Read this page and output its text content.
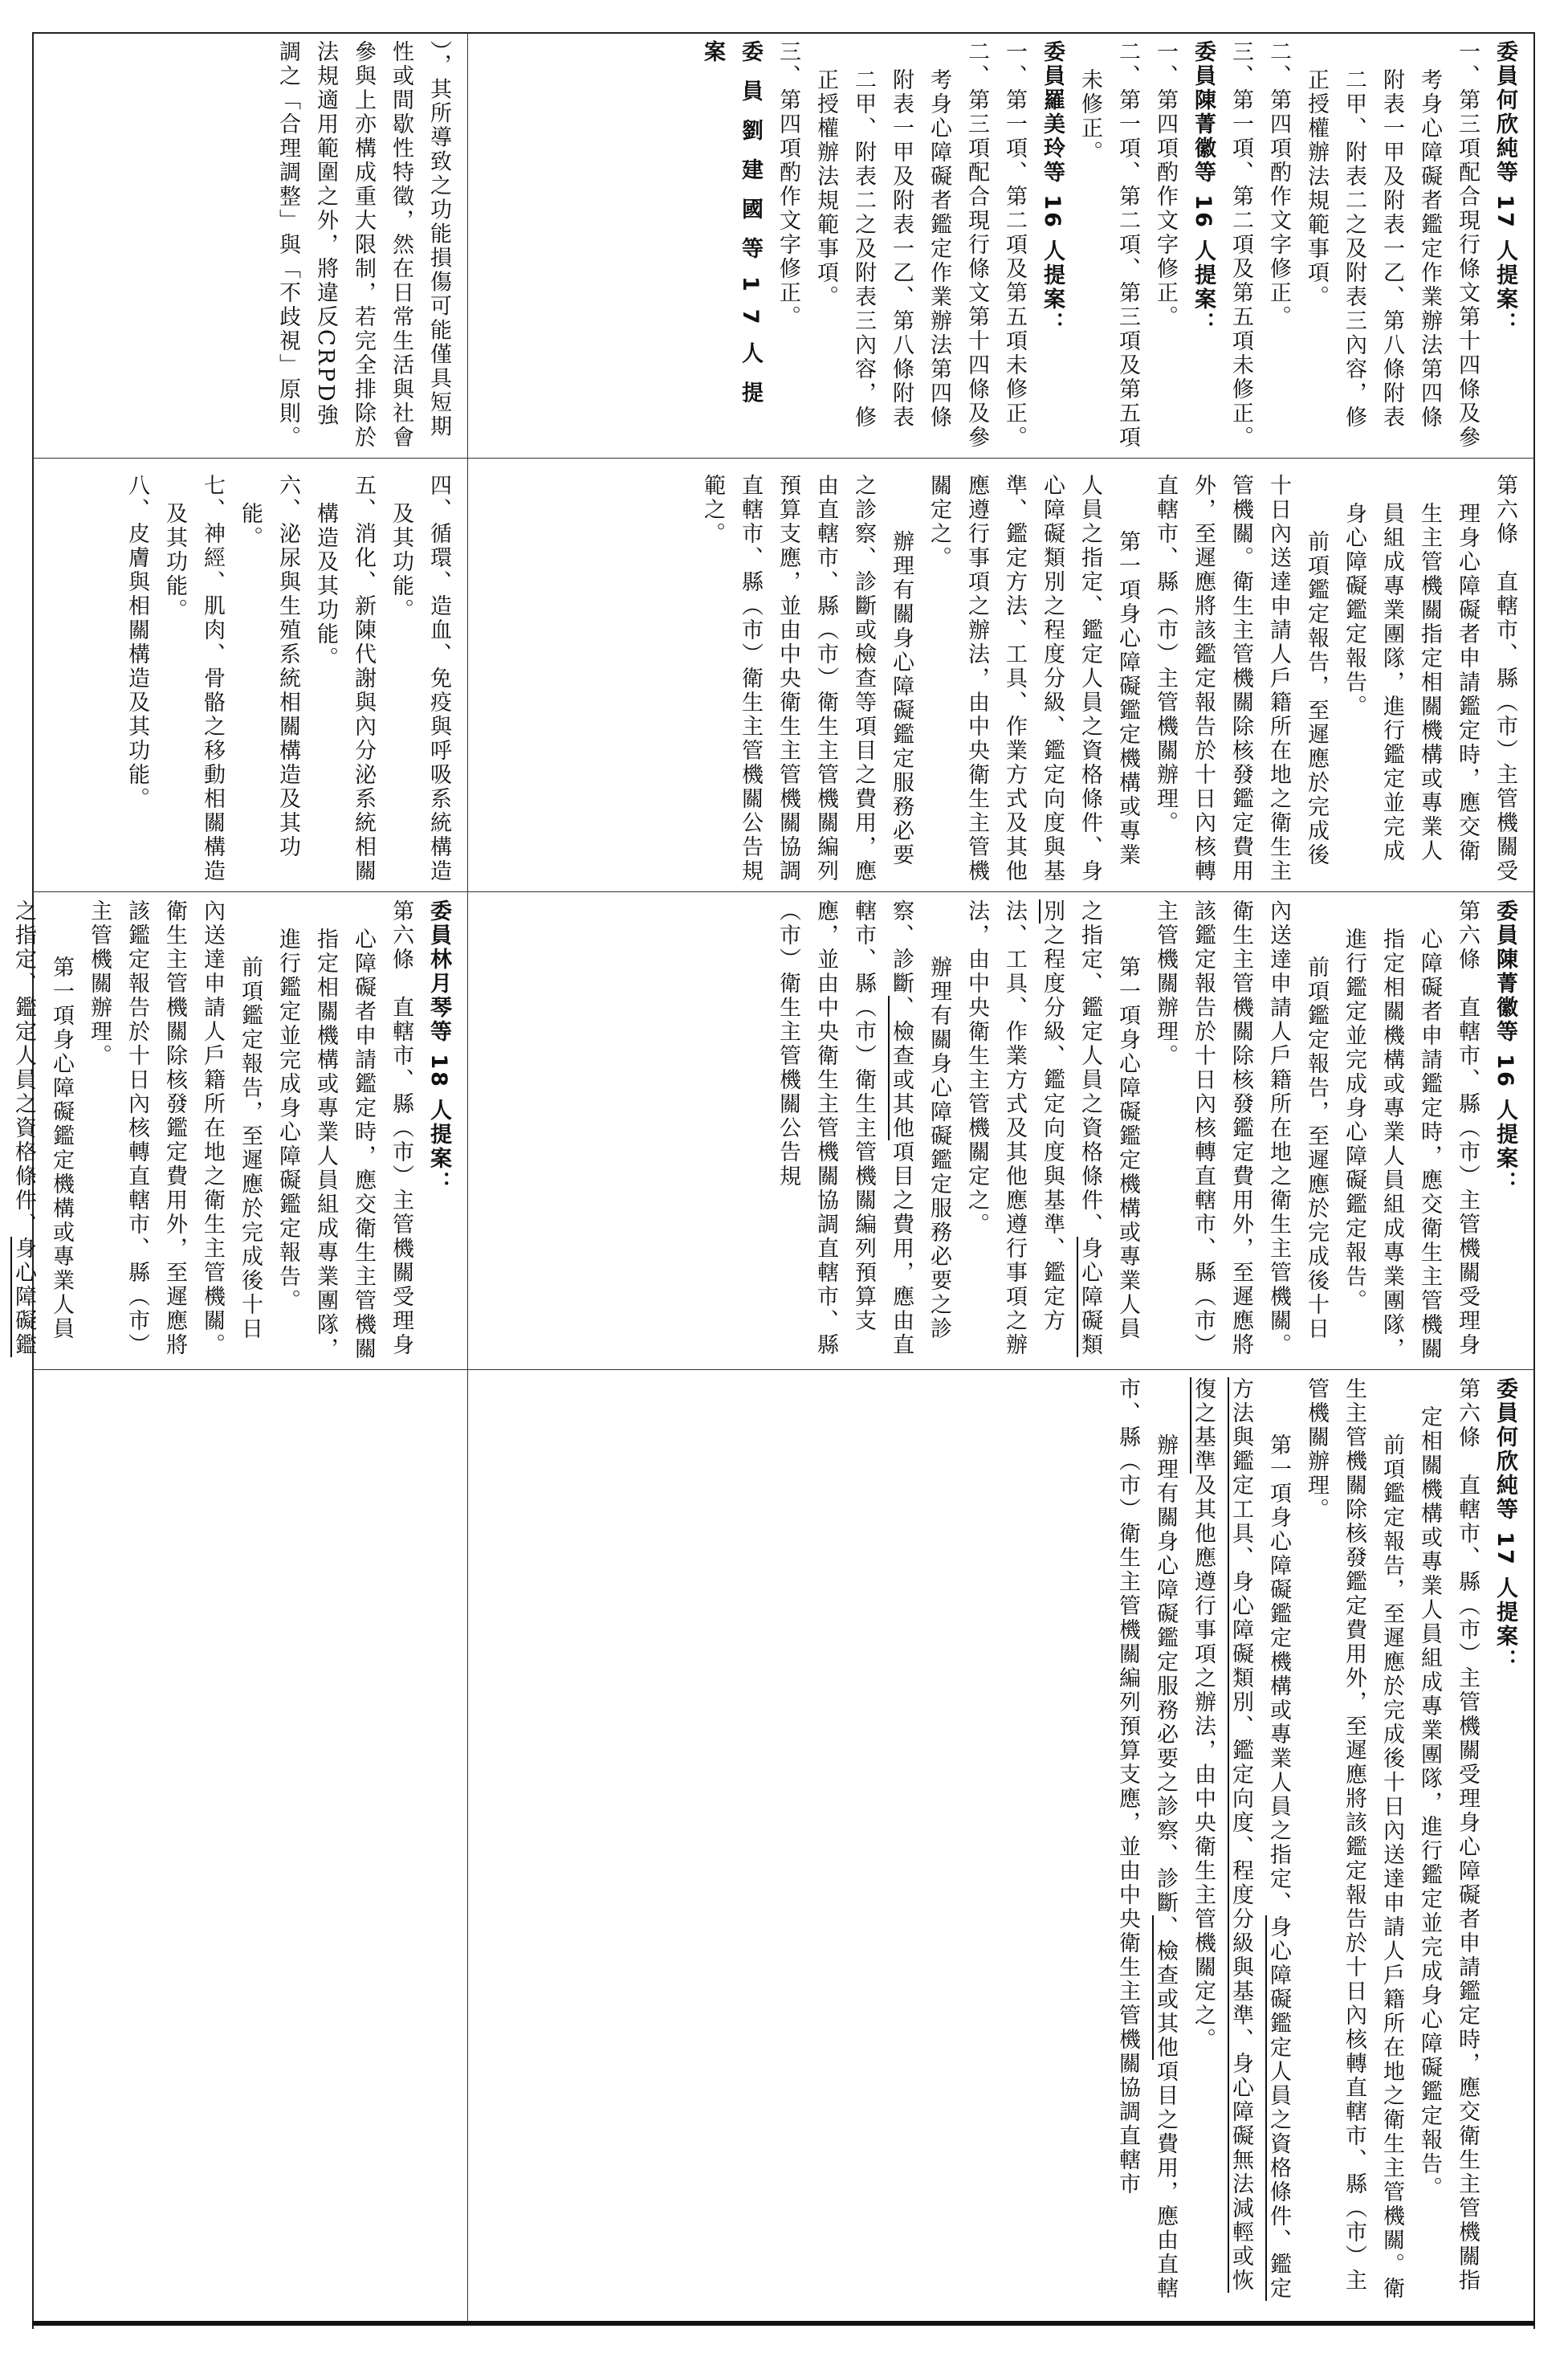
），其所導致之功能損傷可能僅具短期性或間歇性特徵，然在日常生活與社會參與上亦構成重大限制，若完全排除於法規適用範圍之外，將違反CRPD強調之「合理調整」與「不歧視」原則。	委員何欣純等 17 人提案：

一、第三項配合現行條文第十四條及參考身心障礙者鑑定作業辦法第四條附表一甲及附表一乙、第八條附表二甲、附表二之及附表三內容，修正授權辦法規範事項。

二、第四項酌作文字修正。

三、第一項、第二項及第五項未修正。

委員陳菁徽等 16 人提案：

一、第四項酌作文字修正。

二、第一項、第二項、第三項及第五項未修正。

委員羅美玲等 16 人提案：

一、第一項、第二項及第五項未修正。

二、第三項配合現行條文第十四條及參考身心障礙者鑑定作業辦法第四條附表一甲及附表一乙、第八條附表二甲、附表二之及附表三內容，修正授權辦法規範事項。

三、第四項酌作文字修正。

委員劉建國等17人提案

四、循環、造血、免疫與呼吸系統構造及其功能。

五、消化、新陳代謝與內分泌系統相關構造及其功能。

六、泌尿與生殖系統相關構造及其功能。

七、神經、肌肉、骨骼之移動相關構造及其功能。

八、皮膚與相關構造及其功能。	第六條　直轄市、縣（市）主管機關受理身心障礙者申請鑑定時，應交衛生主管機關指定相關機構或專業人員組成專業團隊，進行鑑定並完成身心障礙鑑定報告。

前項鑑定報告，至遲應於完成後十日內送達申請人戶籍所在地之衛生主管機關。衛生主管機關除核發鑑定費用外，至遲應將該鑑定報告於十日內核轉直轄市、縣（市）主管機關辦理。

第一項身心障礙鑑定機構或專業人員之指定、鑑定人員之資格條件、身心障礙類別之程度分級、鑑定向度與基準、鑑定方法、工具、作業方式及其他應遵行事項之辦法，由中央衛生主管機關定之。

辦理有關身心障礙鑑定服務必要之診察、診斷或檢查等項目之費用，應由直轄市、縣（市）衛生主管機關編列預算支應，並由中央衛生主管機關協調直轄市、縣（市）衛生主管機關公告規範之。

委員林月琴等 18 人提案：

第六條　直轄市、縣（市）主管機關受理身心障礙者申請鑑定時，應交衛生主管機關指定相關機構或專業人員組成專業團隊，進行鑑定並完成身心障礙鑑定報告。

前項鑑定報告，至遲應於完成後十日內送達申請人戶籍所在地之衛生主管機關。衛生主管機關除核發鑑定費用外，至遲應將該鑑定報告於十日內核轉直轄市、縣（市）主管機關辦理。

第一項身心障礙鑑定機構或專業人員之指定、鑑定人員之資格條件、身心障礙鑑

委員陳菁徽等 16 人提案：

第六條　直轄市、縣（市）主管機關受理身心障礙者申請鑑定時，應交衛生主管機關指定相關機構或專業人員組成專業團隊，進行鑑定並完成身心障礙鑑定報告。

前項鑑定報告，至遲應於完成後十日內送達申請人戶籍所在地之衛生主管機關。衛生主管機關除核發鑑定費用外，至遲應將該鑑定報告於十日內核轉直轄市、縣（市）主管機關辦理。

第一項身心障礙鑑定機構或專業人員之指定、鑑定人員之資格條件、身心障礙類別之程度分級、鑑定向度與基準、鑑定方法、工具、作業方式及其他應遵行事項之辦法，由中央衛生主管機關定之。

辦理有關身心障礙鑑定服務必要之診察、診斷、檢查或其他項目之費用，應由直轄市、縣（市）衛生主管機關編列預算支應，並由中央衛生主管機關協調直轄市、縣（市）衛生主管機關公告規

委員何欣純等 17 人提案：

第六條　直轄市、縣（市）主管機關受理身心障礙者申請鑑定時，應交衛生主管機關指定相關機構或專業人員組成專業團隊，進行鑑定並完成身心障礙鑑定報告。

前項鑑定報告，至遲應於完成後十日內送達申請人戶籍所在地之衛生主管機關。衛生主管機關除核發鑑定費用外，至遲應將該鑑定報告於十日內核轉直轄市、縣（市）主管機關辦理。

第一項身心障礙鑑定機構或專業人員之指定、身心障礙鑑定人員之資格條件、鑑定方法與鑑定工具、身心障礙類別、鑑定向度、程度分級與基準、身心障礙無法減輕或恢復之基準及其他應遵行事項之辦法，由中央衛生主管機關定之。

辦理有關身心障礙鑑定服務必要之診察、診斷、檢查或其他項目之費用，應由直轄市、縣（市）衛生主管機關編列預算支應，並由中央衛生主管機關協調直轄市
